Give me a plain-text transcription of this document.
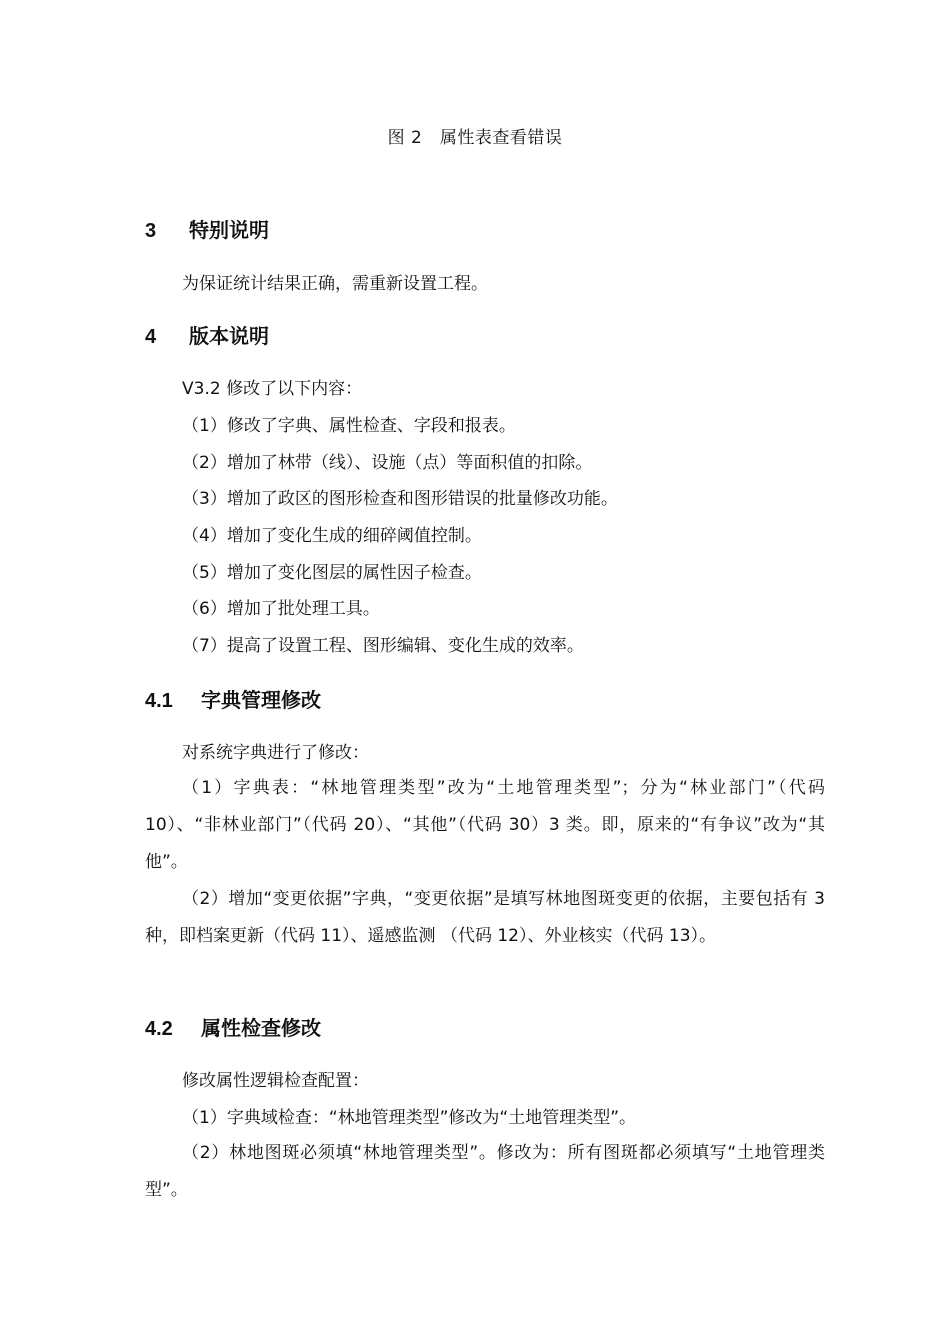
图 2　属性表查看错误
3 特别说明
为保证统计结果正确，需重新设置工程。
4 版本说明
V3.2 修改了以下内容：
（1）修改了字典、属性检查、字段和报表。
（2）增加了林带（线）、设施（点）等面积值的扣除。
（3）增加了政区的图形检查和图形错误的批量修改功能。
（4）增加了变化生成的细碎阈值控制。
（5）增加了变化图层的属性因子检查。
（6）增加了批处理工具。
（7）提高了设置工程、图形编辑、变化生成的效率。
4.1 字典管理修改
对系统字典进行了修改：
（1）字典表：“林地管理类型”改为“土地管理类型”；分为“林业部门”（代码 10）、“非林业部门”（代码 20）、“其他”（代码 30）3 类。即，原来的“有争议”改为“其他”。
（2）增加“变更依据”字典，“变更依据”是填写林地图斑变更的依据，主要包括有 3 种，即档案更新（代码 11）、遥感监测 （代码 12）、外业核实（代码 13）。
4.2 属性检查修改
修改属性逻辑检查配置：
（1）字典域检查：“林地管理类型”修改为“土地管理类型”。
（2）林地图斑必须填“林地管理类型”。修改为：所有图斑都必须填写“土地管理类型”。
